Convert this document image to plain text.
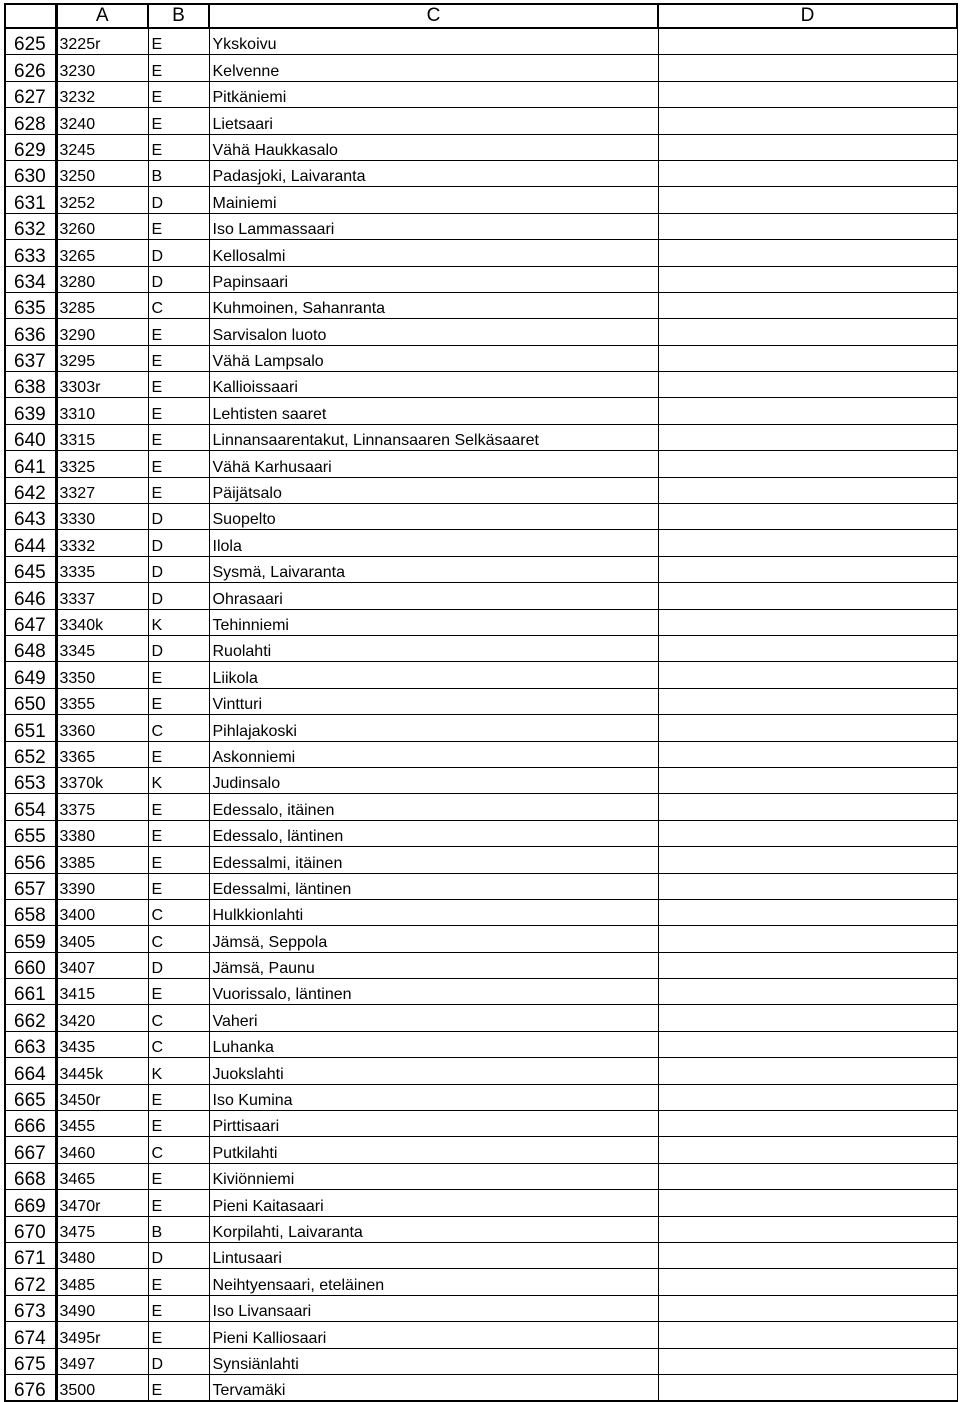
	A	B	C	D
625	3225r	E	Ykskoivu	
626	3230	E	Kelvenne	
627	3232	E	Pitkäniemi	
628	3240	E	Lietsaari	
629	3245	E	Vähä Haukkasalo	
630	3250	B	Padasjoki, Laivaranta	
631	3252	D	Mainiemi	
632	3260	E	Iso Lammassaari	
633	3265	D	Kellosalmi	
634	3280	D	Papinsaari	
635	3285	C	Kuhmoinen, Sahanranta	
636	3290	E	Sarvisalon luoto	
637	3295	E	Vähä Lampsalo	
638	3303r	E	Kallioissaari	
639	3310	E	Lehtisten saaret	
640	3315	E	Linnansaarentakut, Linnansaaren Selkäsaaret	
641	3325	E	Vähä Karhusaari	
642	3327	E	Päijätsalo	
643	3330	D	Suopelto	
644	3332	D	Ilola	
645	3335	D	Sysmä, Laivaranta	
646	3337	D	Ohrasaari	
647	3340k	K	Tehinniemi	
648	3345	D	Ruolahti	
649	3350	E	Liikola	
650	3355	E	Vintturi	
651	3360	C	Pihlajakoski	
652	3365	E	Askonniemi	
653	3370k	K	Judinsalo	
654	3375	E	Edessalo, itäinen	
655	3380	E	Edessalo, läntinen	
656	3385	E	Edessalmi, itäinen	
657	3390	E	Edessalmi, läntinen	
658	3400	C	Hulkkionlahti	
659	3405	C	Jämsä, Seppola	
660	3407	D	Jämsä, Paunu	
661	3415	E	Vuorissalo, läntinen	
662	3420	C	Vaheri	
663	3435	C	Luhanka	
664	3445k	K	Juokslahti	
665	3450r	E	Iso Kumina	
666	3455	E	Pirttisaari	
667	3460	C	Putkilahti	
668	3465	E	Kiviönniemi	
669	3470r	E	Pieni Kaitasaari	
670	3475	B	Korpilahti, Laivaranta	
671	3480	D	Lintusaari	
672	3485	E	Neihtyensaari, eteläinen	
673	3490	E	Iso Livansaari	
674	3495r	E	Pieni Kalliosaari	
675	3497	D	Synsiänlahti	
676	3500	E	Tervamäki	
